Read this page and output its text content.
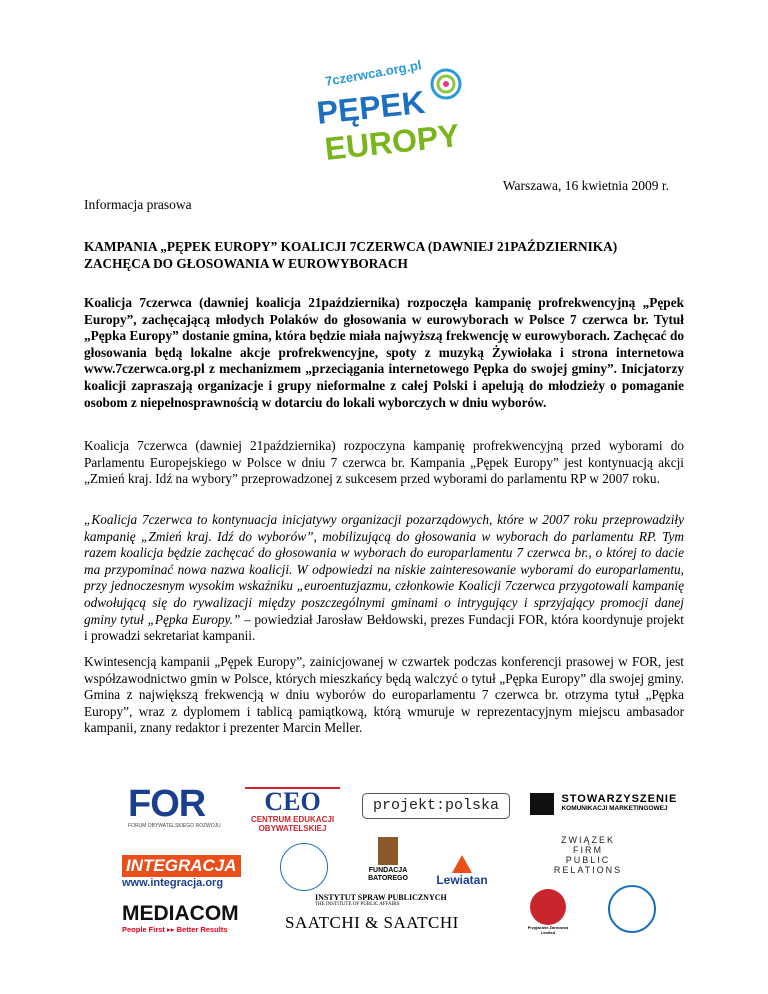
7czerwca.org.pl
PĘPEK
EUROPY
Warszawa, 16 kwietnia 2009 r.
Informacja prasowa
KAMPANIA „PĘPEK EUROPY” KOALICJI 7CZERWCA (DAWNIEJ 21PAŹDZIERNIKA) ZACHĘCA DO GŁOSOWANIA W EUROWYBORACH

Koalicja 7czerwca (dawniej koalicja 21października) rozpoczęła kampanię profrekwencyjną „Pępek Europy”, zachęcającą młodych Polaków do głosowania w eurowyborach w Polsce 7 czerwca br. Tytuł „Pępka Europy” dostanie gmina, która będzie miała najwyższą frekwencję w eurowyborach. Zachęcać do głosowania będą lokalne akcje profrekwencyjne, spoty z muzyką Żywiołaka i strona internetowa www.7czerwca.org.pl z mechanizmem „przeciągania internetowego Pępka do swojej gminy”. Inicjatorzy koalicji zapraszają organizacje i grupy nieformalne z całej Polski i apelują do młodzieży o pomaganie osobom z niepełnosprawnością w dotarciu do lokali wyborczych w dniu wyborów.

Koalicja 7czerwca (dawniej 21października) rozpoczyna kampanię profrekwencyjną przed wyborami do Parlamentu Europejskiego w Polsce w dniu 7 czerwca br. Kampania „Pępek Europy” jest kontynuacją akcji „Zmień kraj. Idź na wybory” przeprowadzonej z sukcesem przed wyborami do parlamentu RP w 2007 roku.

„Koalicja 7czerwca to kontynuacja inicjatywy organizacji pozarządowych, które w 2007 roku przeprowadziły kampanię „Zmień kraj. Idź do wyborów”, mobilizującą do głosowania w wyborach do parlamentu RP. Tym razem koalicja będzie zachęcać do głosowania w wyborach do europarlamentu 7 czerwca br., o której to dacie ma przypominać nowa nazwa koalicji. W odpowiedzi na niskie zainteresowanie wyborami do europarlamentu, przy jednoczesnym wysokim wskaźniku „euroentuzjazmu, członkowie Koalicji 7czerwca przygotowali kampanię odwołującą się do rywalizacji między poszczególnymi gminami o intrygujący i sprzyjający promocji danej gminy tytuł „Pępka Europy.” – powiedział Jarosław Bełdowski, prezes Fundacji FOR, która koordynuje projekt i prowadzi sekretariat kampanii.

Kwintesencją kampanii „Pępek Europy”, zainicjowanej w czwartek podczas konferencji prasowej w FOR, jest współzawodnictwo gmin w Polsce, których mieszkańcy będą walczyć o tytuł „Pępka Europy” dla swojej gminy. Gmina z największą frekwencją w dniu wyborów do europarlamentu 7 czerwca br. otrzyma tytuł „Pępka Europy”, wraz z dyplomem i tablicą pamiątkową, którą wmuruje w reprezentacyjnym miejscu ambasador kampanii, znany redaktor i prezenter Marcin Meller.

FOR
FORUM OBYWATELSKIEGO ROZWOJU
CEO
CENTRUM EDUKACJI
OBYWATELSKIEJ
projekt:polska
	STOWARZYSZENIE
KOMUNIKACJI MARKETINGOWEJ
INTEGRACJA
www.integracja.org
FUNDACJA
BATOREGO	Lewiatan
ZWIĄZEK
FIRM
PUBLIC
RELATIONS
INSTYTUT SPRAW PUBLICZNYCH
THE INSTITUTE OF PUBLIC AFFAIRS
MEDIACOM
People First ▸▸ Better Results	SAATCHI & SAATCHI	Przyjaciele Żarnowca Limited
